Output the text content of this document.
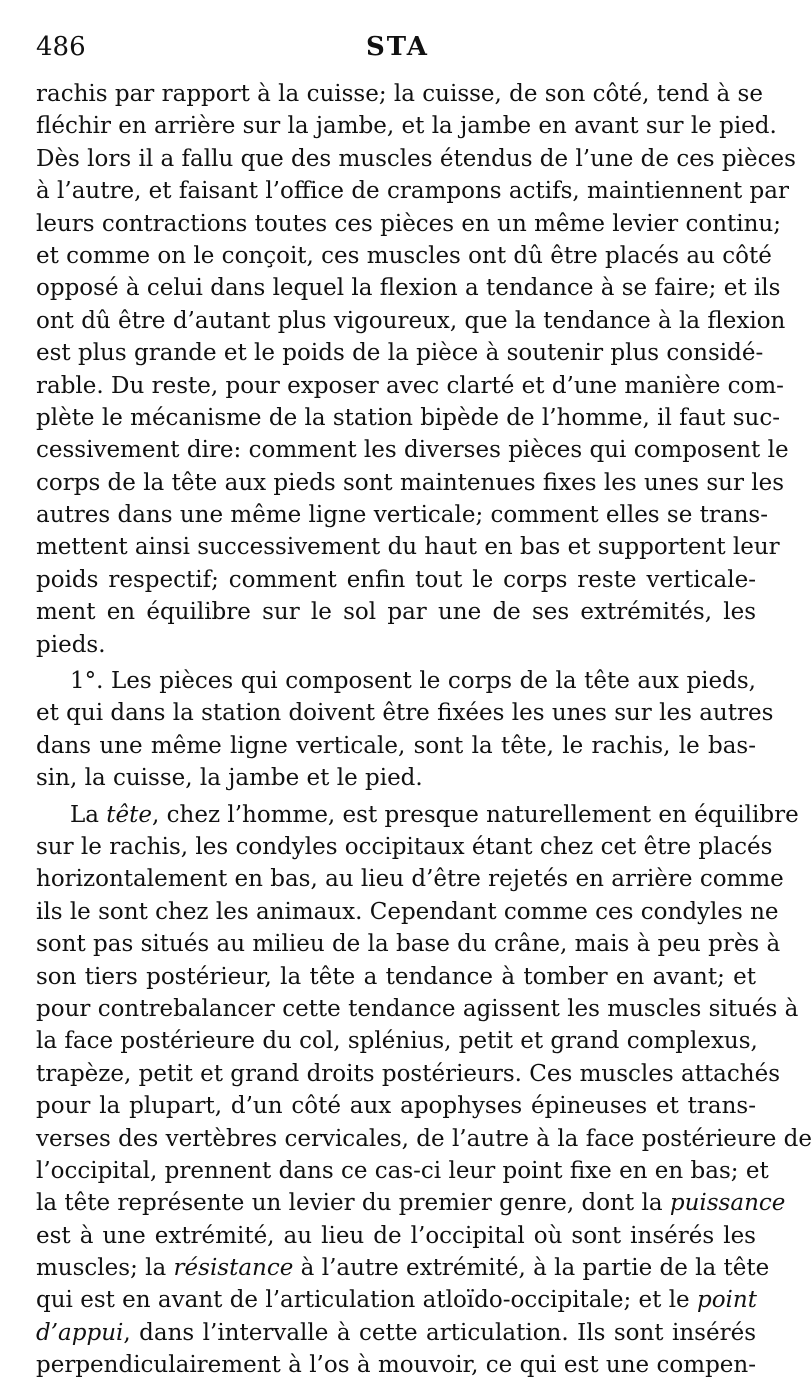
486	STA
rachis par rapport à la cuisse; la cuisse, de son côté, tend à se
fléchir en arrière sur la jambe, et la jambe en avant sur le pied.
Dès lors il a fallu que des muscles étendus de l’une de ces pièces
à l’autre, et faisant l’office de crampons actifs, maintiennent par
leurs contractions toutes ces pièces en un même levier continu;
et comme on le conçoit, ces muscles ont dû être placés au côté
opposé à celui dans lequel la flexion a tendance à se faire; et ils
ont dû être d’autant plus vigoureux, que la tendance à la flexion
est plus grande et le poids de la pièce à soutenir plus considé-
rable. Du reste, pour exposer avec clarté et d’une manière com-
plète le mécanisme de la station bipède de l’homme, il faut suc-
cessivement dire: comment les diverses pièces qui composent le
corps de la tête aux pieds sont maintenues fixes les unes sur les
autres dans une même ligne verticale; comment elles se trans-
mettent ainsi successivement du haut en bas et supportent leur
poids respectif; comment enfin tout le corps reste verticale-
ment en équilibre sur le sol par une de ses extrémités, les
pieds.
1°. Les pièces qui composent le corps de la tête aux pieds,
et qui dans la station doivent être fixées les unes sur les autres
dans une même ligne verticale, sont la tête, le rachis, le bas-
sin, la cuisse, la jambe et le pied.
La tête, chez l’homme, est presque naturellement en équilibre
sur le rachis, les condyles occipitaux étant chez cet être placés
horizontalement en bas, au lieu d’être rejetés en arrière comme
ils le sont chez les animaux. Cependant comme ces condyles ne
sont pas situés au milieu de la base du crâne, mais à peu près à
son tiers postérieur, la tête a tendance à tomber en avant; et
pour contrebalancer cette tendance agissent les muscles situés à
la face postérieure du col, splénius, petit et grand complexus,
trapèze, petit et grand droits postérieurs. Ces muscles attachés
pour la plupart, d’un côté aux apophyses épineuses et trans-
verses des vertèbres cervicales, de l’autre à la face postérieure de
l’occipital, prennent dans ce cas-ci leur point fixe en en bas; et
la tête représente un levier du premier genre, dont la puissance
est à une extrémité, au lieu de l’occipital où sont insérés les
muscles; la résistance à l’autre extrémité, à la partie de la tête
qui est en avant de l’articulation atloïdo-occipitale; et le point
d’appui, dans l’intervalle à cette articulation. Ils sont insérés
perpendiculairement à l’os à mouvoir, ce qui est une compen-
